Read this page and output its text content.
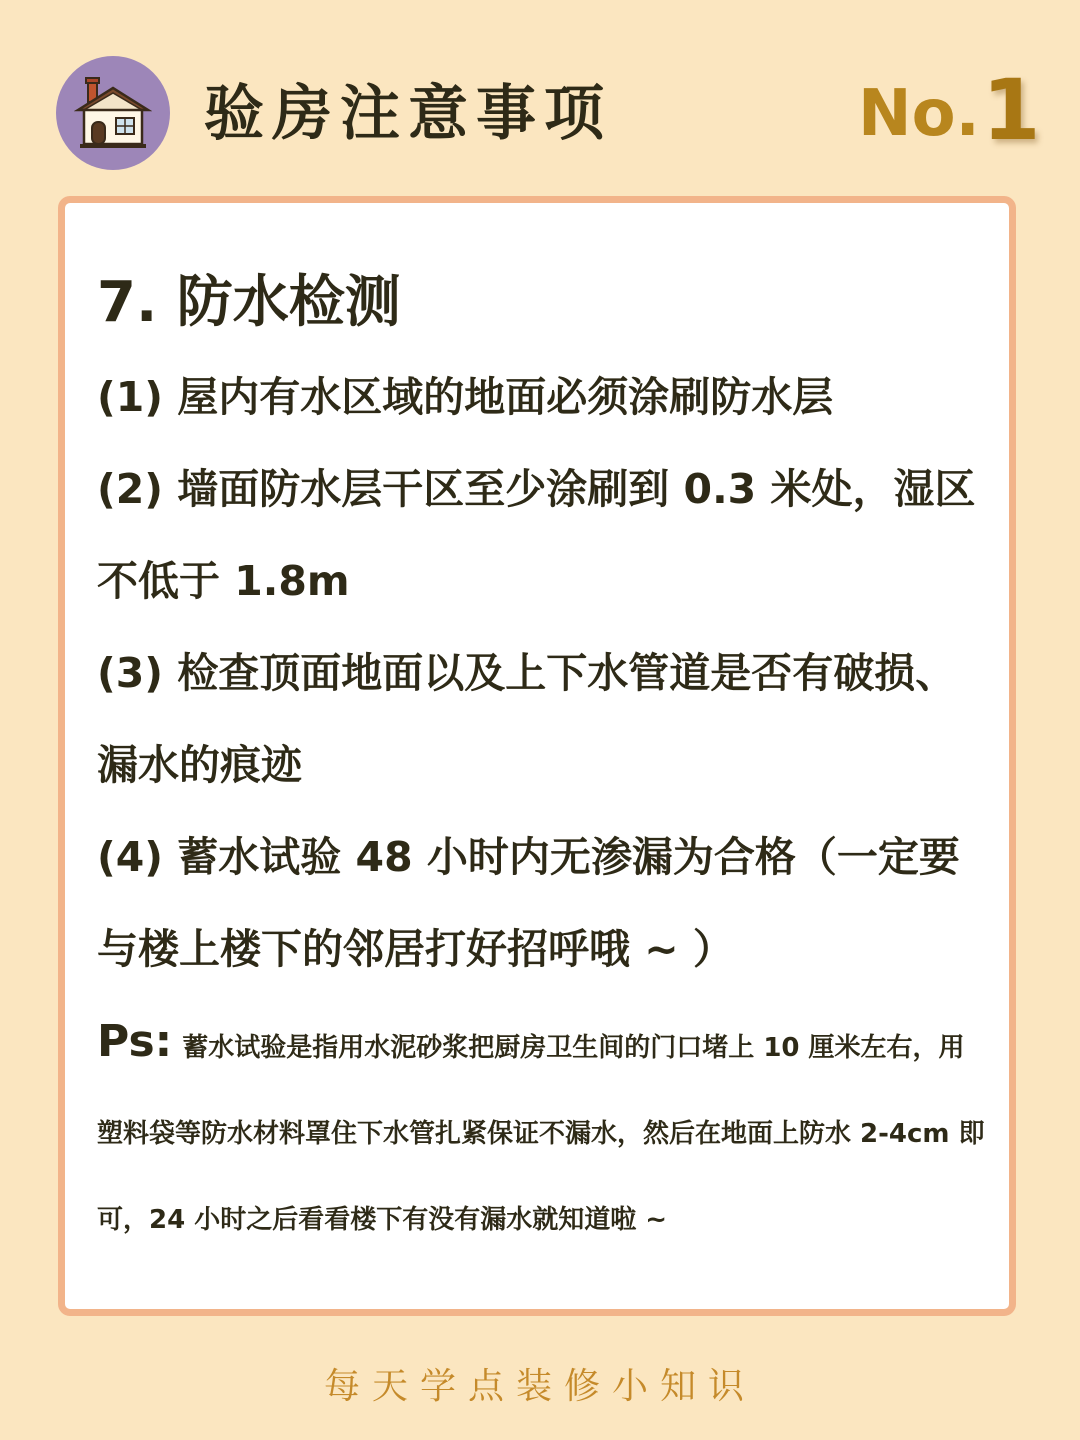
验房注意事项	No. 1
7. 防水检测

(1) 屋内有水区域的地面必须涂刷防水层

(2) 墙面防水层干区至少涂刷到 0.3 米处，湿区不低于 1.8m

(3) 检查顶面地面以及上下水管道是否有破损、漏水的痕迹

(4) 蓄水试验 48 小时内无渗漏为合格（一定要与楼上楼下的邻居打好招呼哦 ~ ）

Ps: 蓄水试验是指用水泥砂浆把厨房卫生间的门口堵上 10 厘米左右，用塑料袋等防水材料罩住下水管扎紧保证不漏水，然后在地面上防水 2-4cm 即可，24 小时之后看看楼下有没有漏水就知道啦 ~
每天学点装修小知识
